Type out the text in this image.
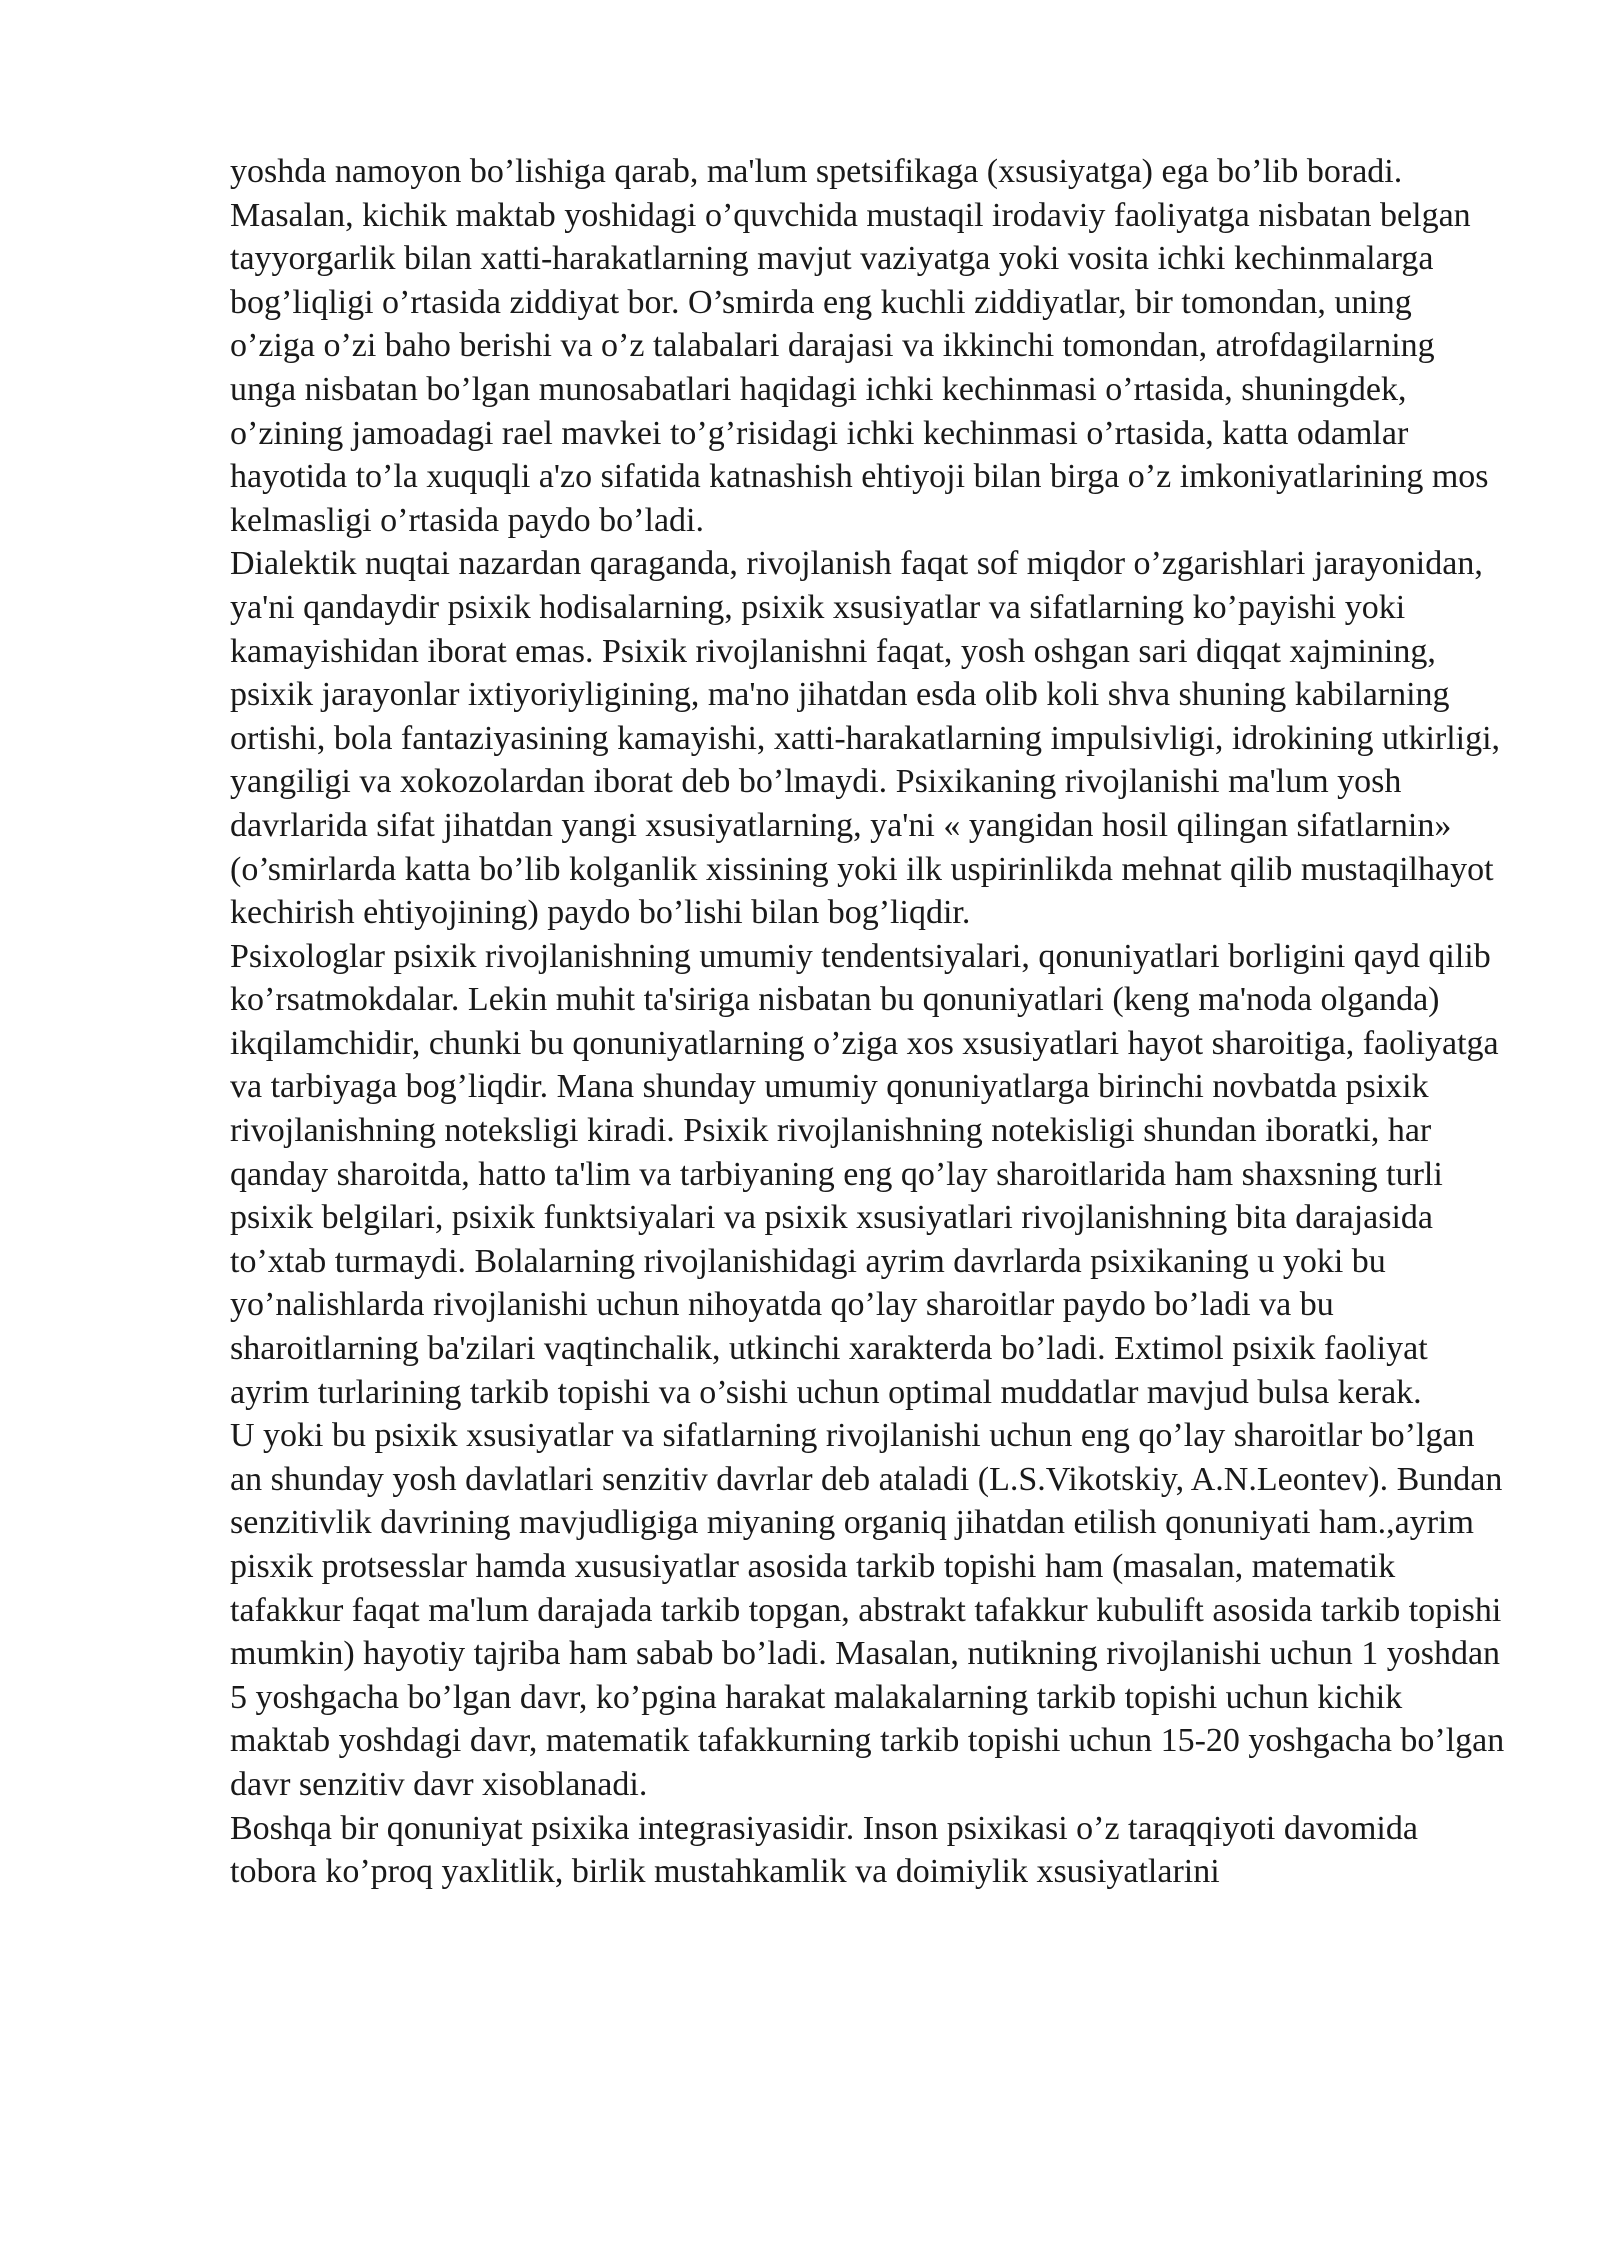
yoshda namoyon bo’lishiga qarab, ma'lum spetsifikaga (xsusiyatga) ega bo’lib boradi. Masalan, kichik maktab yoshidagi o’quvchida mustaqil irodaviy faoliyatga nisbatan belgan tayyorgarlik bilan xatti-harakatlarning mavjut vaziyatga yoki vosita ichki kechinmalarga bog’liqligi o’rtasida ziddiyat bor. O’smirda eng kuchli ziddiyatlar, bir tomondan, uning o’ziga o’zi baho berishi va o’z talabalari darajasi va ikkinchi tomondan, atrofdagilarning unga nisbatan bo’lgan munosabatlari haqidagi ichki kechinmasi o’rtasida, shuningdek, o’zining jamoadagi rael mavkei to’g’risidagi ichki kechinmasi o’rtasida, katta odamlar hayotida to’la xuquqli a'zo sifatida katnashish ehtiyoji bilan birga o’z imkoniyatlarining mos kelmasligi o’rtasida paydo bo’ladi.

Dialektik nuqtai nazardan qaraganda, rivojlanish faqat sof miqdor o’zgarishlari jarayonidan, ya'ni qandaydir psixik hodisalarning, psixik xsusiyatlar va sifatlarning ko’payishi yoki kamayishidan iborat emas. Psixik rivojlanishni faqat, yosh oshgan sari diqqat xajmining, psixik jarayonlar ixtiyoriyligining, ma'no jihatdan esda olib koli shva shuning kabilarning ortishi, bola fantaziyasining kamayishi, xatti-harakatlarning impulsivligi, idrokining utkirligi, yangiligi va xokozolardan iborat deb bo’lmaydi. Psixikaning rivojlanishi ma'lum yosh davrlarida sifat jihatdan yangi xsusiyatlarning, ya'ni « yangidan hosil qilingan sifatlarnin» (o’smirlarda katta bo’lib kolganlik xissining yoki ilk uspirinlikda mehnat qilib mustaqilhayot kechirish ehtiyojining) paydo bo’lishi bilan bog’liqdir.

Psixologlar psixik rivojlanishning umumiy tendentsiyalari, qonuniyatlari borligini qayd qilib ko’rsatmokdalar. Lekin muhit ta'siriga nisbatan bu qonuniyatlari (keng ma'noda olganda) ikqilamchidir, chunki bu qonuniyatlarning o’ziga xos xsusiyatlari hayot sharoitiga, faoliyatga va tarbiyaga bog’liqdir. Mana shunday umumiy qonuniyatlarga birinchi novbatda psixik rivojlanishning noteksligi kiradi. Psixik rivojlanishning notekisligi shundan iboratki, har qanday sharoitda, hatto ta'lim va tarbiyaning eng qo’lay sharoitlarida ham shaxsning turli psixik belgilari, psixik funktsiyalari va psixik xsusiyatlari rivojlanishning bita darajasida to’xtab turmaydi. Bolalarning rivojlanishidagi ayrim davrlarda psixikaning u yoki bu yo’nalishlarda rivojlanishi uchun nihoyatda qo’lay sharoitlar paydo bo’ladi va bu sharoitlarning ba'zilari vaqtinchalik, utkinchi xarakterda bo’ladi. Extimol psixik faoliyat ayrim turlarining tarkib topishi va o’sishi uchun optimal muddatlar mavjud bulsa kerak.

U yoki bu psixik xsusiyatlar va sifatlarning rivojlanishi uchun eng qo’lay sharoitlar bo’lgan an shunday yosh davlatlari senzitiv davrlar deb ataladi (L.S.Vikotskiy, A.N.Leontev). Bundan senzitivlik davrining mavjudligiga miyaning organiq jihatdan etilish qonuniyati ham.,ayrim pisxik protsesslar hamda xususiyatlar asosida tarkib topishi ham (masalan, matematik tafakkur faqat ma'lum darajada tarkib topgan, abstrakt tafakkur kubulift asosida tarkib topishi mumkin) hayotiy tajriba ham sabab bo’ladi. Masalan, nutikning rivojlanishi uchun 1 yoshdan 5 yoshgacha bo’lgan davr, ko’pgina harakat malakalarning tarkib topishi uchun kichik maktab yoshdagi davr, matematik tafakkurning tarkib topishi uchun 15-20 yoshgacha bo’lgan davr senzitiv davr xisoblanadi.

Boshqa bir qonuniyat psixika integrasiyasidir. Inson psixikasi o’z taraqqiyoti davomida tobora ko’proq yaxlitlik, birlik mustahkamlik va doimiylik xsusiyatlarini
